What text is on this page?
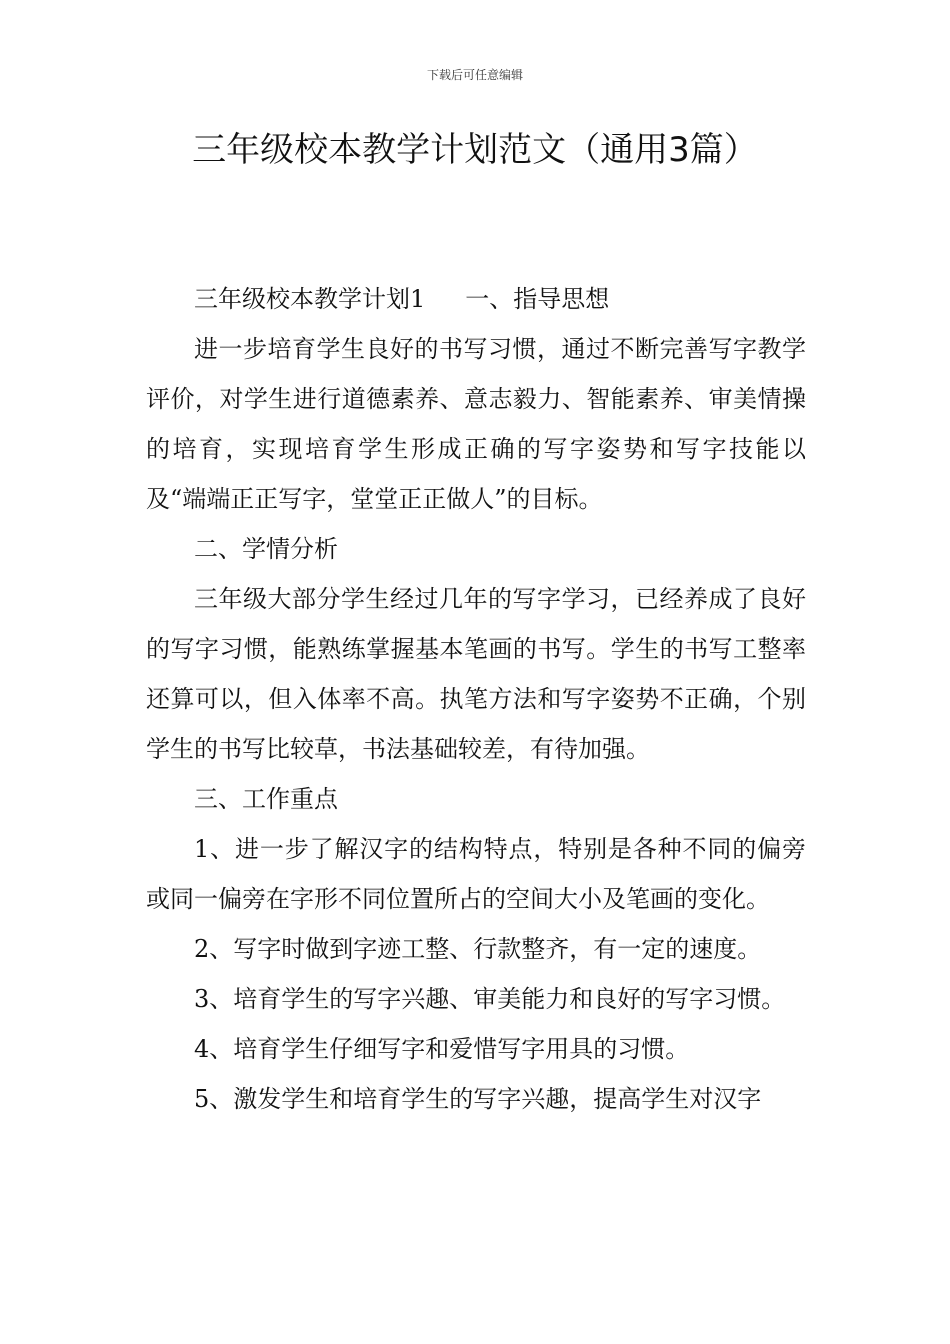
下载后可任意编辑
三年级校本教学计划范文（通用3篇）

三年级校本教学计划1 一、指导思想

进一步培育学生良好的书写习惯，通过不断完善写字教学评价，对学生进行道德素养、意志毅力、智能素养、审美情操的培育，实现培育学生形成正确的写字姿势和写字技能以及“端端正正写字，堂堂正正做人”的目标。

二、学情分析

三年级大部分学生经过几年的写字学习，已经养成了良好的写字习惯，能熟练掌握基本笔画的书写。学生的书写工整率还算可以，但入体率不高。执笔方法和写字姿势不正确，个别学生的书写比较草，书法基础较差，有待加强。

三、工作重点

1、进一步了解汉字的结构特点，特别是各种不同的偏旁或同一偏旁在字形不同位置所占的空间大小及笔画的变化。

2、写字时做到字迹工整、行款整齐，有一定的速度。

3、培育学生的写字兴趣、审美能力和良好的写字习惯。

4、培育学生仔细写字和爱惜写字用具的习惯。

5、激发学生和培育学生的写字兴趣，提高学生对汉字
